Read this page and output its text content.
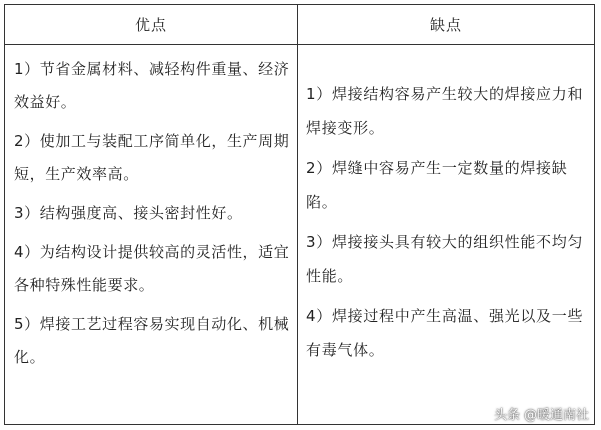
优点	缺点

1）节省金属材料、减轻构件重量、经济效益好。

2）使加工与装配工序简单化，生产周期短，生产效率高。

3）结构强度高、接头密封性好。

4）为结构设计提供较高的灵活性，适宜各种特殊性能要求。

5）焊接工艺过程容易实现自动化、机械化。

1）焊接结构容易产生较大的焊接应力和焊接变形。

2）焊缝中容易产生一定数量的焊接缺陷。

3）焊接接头具有较大的组织性能不均匀性能。

4）焊接过程中产生高温、强光以及一些有毒气体。

头条 @暖通南社
